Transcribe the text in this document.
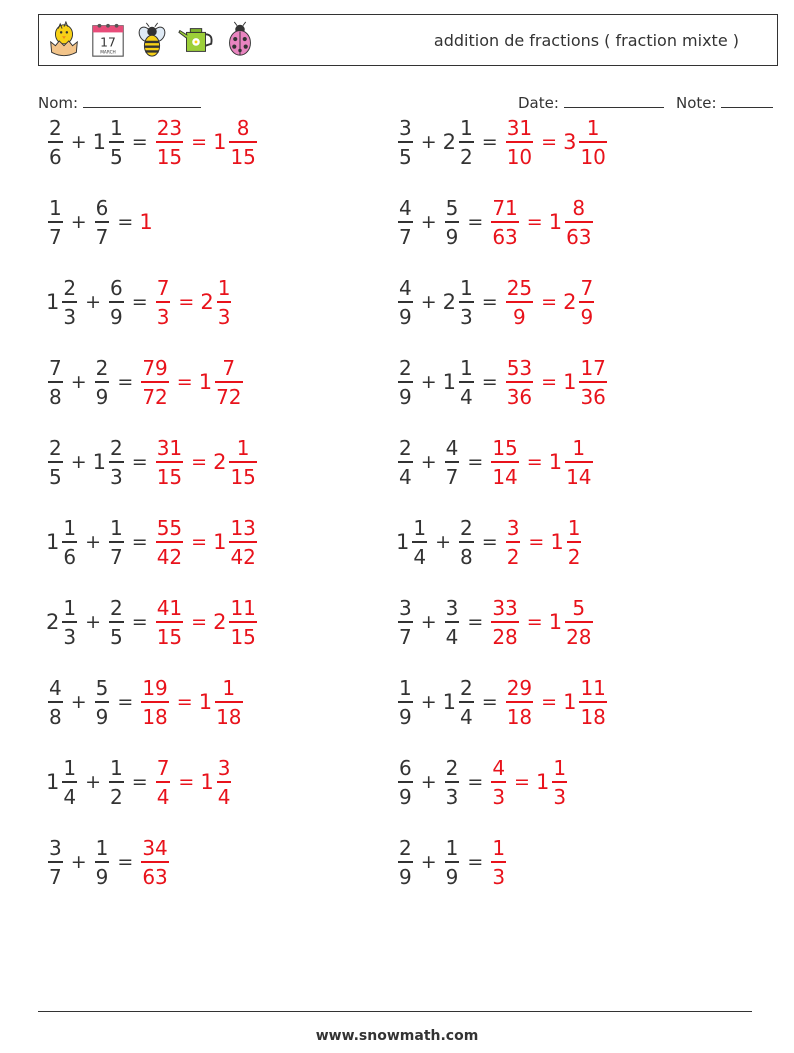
17
MARCH
addition de fractions ( fraction mixte )
Nom:	Date:	Note:
$\frac{2}{6} + 1 \frac{1}{5} = \frac{23}{15} = 1 \frac{8}{15}$	$\frac{3}{5} + 2 \frac{1}{2} = \frac{31}{10} = 3 \frac{1}{10}$
$\frac{1}{7} + \frac{6}{7} = 1$	$\frac{4}{7} + \frac{5}{9} = \frac{71}{63} = 1 \frac{8}{63}$
$1 \frac{2}{3} + \frac{6}{9} = \frac{7}{3} = 2 \frac{1}{3}$	$\frac{4}{9} + 2 \frac{1}{3} = \frac{25}{9} = 2 \frac{7}{9}$
$\frac{7}{8} + \frac{2}{9} = \frac{79}{72} = 1 \frac{7}{72}$	$\frac{2}{9} + 1 \frac{1}{4} = \frac{53}{36} = 1 \frac{17}{36}$
$\frac{2}{5} + 1 \frac{2}{3} = \frac{31}{15} = 2 \frac{1}{15}$	$\frac{2}{4} + \frac{4}{7} = \frac{15}{14} = 1 \frac{1}{14}$
$1 \frac{1}{6} + \frac{1}{7} = \frac{55}{42} = 1 \frac{13}{42}$	$1 \frac{1}{4} + \frac{2}{8} = \frac{3}{2} = 1 \frac{1}{2}$
$2 \frac{1}{3} + \frac{2}{5} = \frac{41}{15} = 2 \frac{11}{15}$	$\frac{3}{7} + \frac{3}{4} = \frac{33}{28} = 1 \frac{5}{28}$
$\frac{4}{8} + \frac{5}{9} = \frac{19}{18} = 1 \frac{1}{18}$	$\frac{1}{9} + 1 \frac{2}{4} = \frac{29}{18} = 1 \frac{11}{18}$
$1 \frac{1}{4} + \frac{1}{2} = \frac{7}{4} = 1 \frac{3}{4}$	$\frac{6}{9} + \frac{2}{3} = \frac{4}{3} = 1 \frac{1}{3}$
$\frac{3}{7} + \frac{1}{9} = \frac{34}{63}$	$\frac{2}{9} + \frac{1}{9} = \frac{1}{3}$
www.snowmath.com
